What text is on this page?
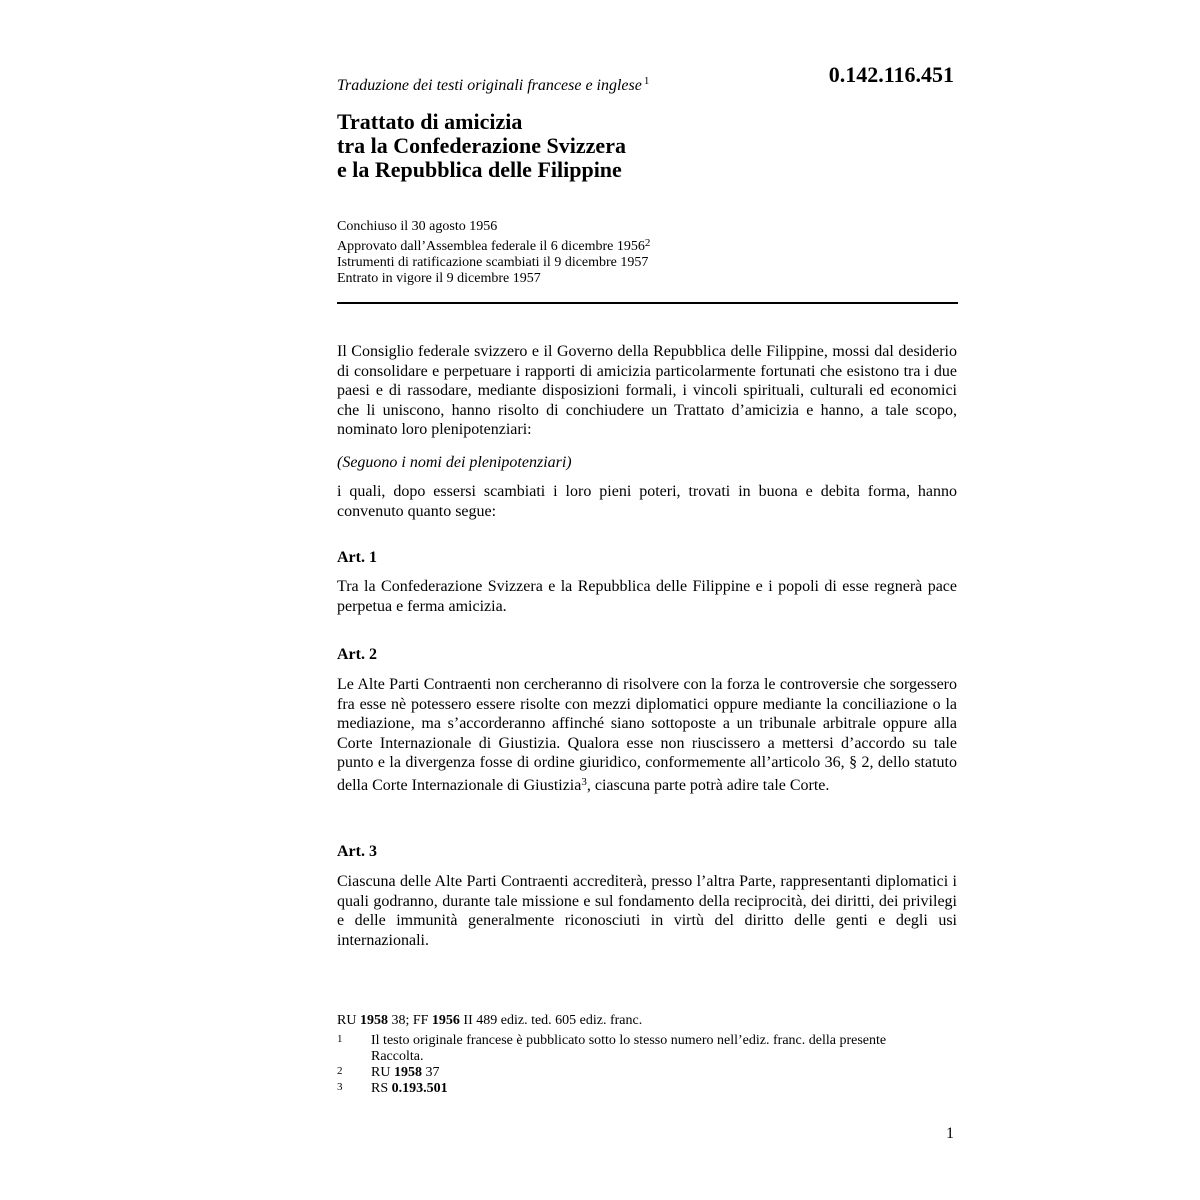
Traduzione dei testi originali francese e inglese $^1$	0.142.116.451
Trattato di amicizia
tra la Confederazione Svizzera
e la Repubblica delle Filippine
Conchiuso il 30 agosto 1956
Approvato dall’Assemblea federale il 6 dicembre 1956$^2$
Istrumenti di ratificazione scambiati il 9 dicembre 1957
Entrato in vigore il 9 dicembre 1957
Il Consiglio federale svizzero e il Governo della Repubblica delle Filippine, mossi dal desiderio di consolidare e perpetuare i rapporti di amicizia particolarmente fortunati che esistono tra i due paesi e di rassodare, mediante disposizioni formali, i vincoli spirituali, culturali ed economici che li uniscono, hanno risolto di conchiudere un Trattato d’amicizia e hanno, a tale scopo, nominato loro plenipotenziari:
(Seguono i nomi dei plenipotenziari)
i quali, dopo essersi scambiati i loro pieni poteri, trovati in buona e debita forma, hanno convenuto quanto segue:
Art. 1
Tra la Confederazione Svizzera e la Repubblica delle Filippine e i popoli di esse regnerà pace perpetua e ferma amicizia.
Art. 2
Le Alte Parti Contraenti non cercheranno di risolvere con la forza le controversie che sorgessero fra esse nè potessero essere risolte con mezzi diplomatici oppure mediante la conciliazione o la mediazione, ma s’accorderanno affinché siano sottoposte a un tribunale arbitrale oppure alla Corte Internazionale di Giustizia. Qualora esse non riuscissero a mettersi d’accordo su tale punto e la divergenza fosse di ordine giuridico, conformemente all’articolo 36, § 2, dello statuto della Corte Internazionale di Giustizia$^3$, ciascuna parte potrà adire tale Corte.
Art. 3
Ciascuna delle Alte Parti Contraenti accrediterà, presso l’altra Parte, rappresentanti diplomatici i quali godranno, durante tale missione e sul fondamento della reciprocità, dei diritti, dei privilegi e delle immunità generalmente riconosciuti in virtù del diritto delle genti e degli usi internazionali.
RU 1958 38; FF 1956 II 489 ediz. ted. 605 ediz. franc.
1 Il testo originale francese è pubblicato sotto lo stesso numero nell’ediz. franc. della presente Raccolta.
2 RU 1958 37
3 RS 0.193.501
1
